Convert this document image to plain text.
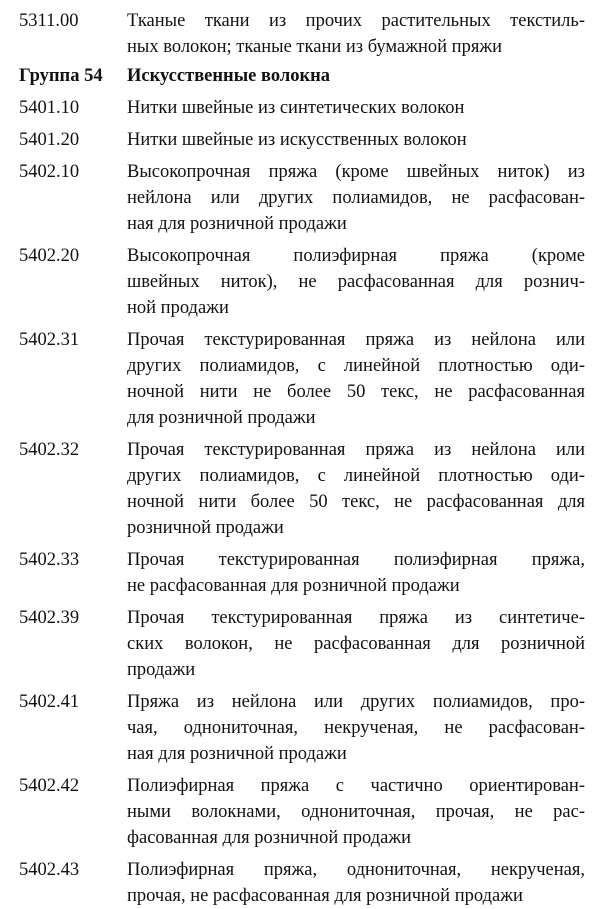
5311.00	Тканые ткани из прочих растительных текстиль-
ных волокон; тканые ткани из бумажной пряжи
Группа 54	Искусственные волокна
5401.10	Нитки швейные из синтетических волокон
5401.20	Нитки швейные из искусственных волокон
5402.10	Высокопрочная пряжа (кроме швейных ниток) из
нейлона или других полиамидов, не расфасован-
ная для розничной продажи
5402.20	Высокопрочная полиэфирная пряжа (кроме
швейных ниток), не расфасованная для рознич-
ной продажи
5402.31	Прочая текстурированная пряжа из нейлона или
других полиамидов, с линейной плотностью оди-
ночной нити не более 50 текс, не расфасованная
для розничной продажи
5402.32	Прочая текстурированная пряжа из нейлона или
других полиамидов, с линейной плотностью оди-
ночной нити более 50 текс, не расфасованная для
розничной продажи
5402.33	Прочая текстурированная полиэфирная пряжа,
не расфасованная для розничной продажи
5402.39	Прочая текстурированная пряжа из синтетиче-
ских волокон, не расфасованная для розничной
продажи
5402.41	Пряжа из нейлона или других полиамидов, про-
чая, однониточная, некрученая, не расфасован-
ная для розничной продажи
5402.42	Полиэфирная пряжа с частично ориентирован-
ными волокнами, однониточная, прочая, не рас-
фасованная для розничной продажи
5402.43	Полиэфирная пряжа, однониточная, некрученая,
прочая, не расфасованная для розничной продажи
